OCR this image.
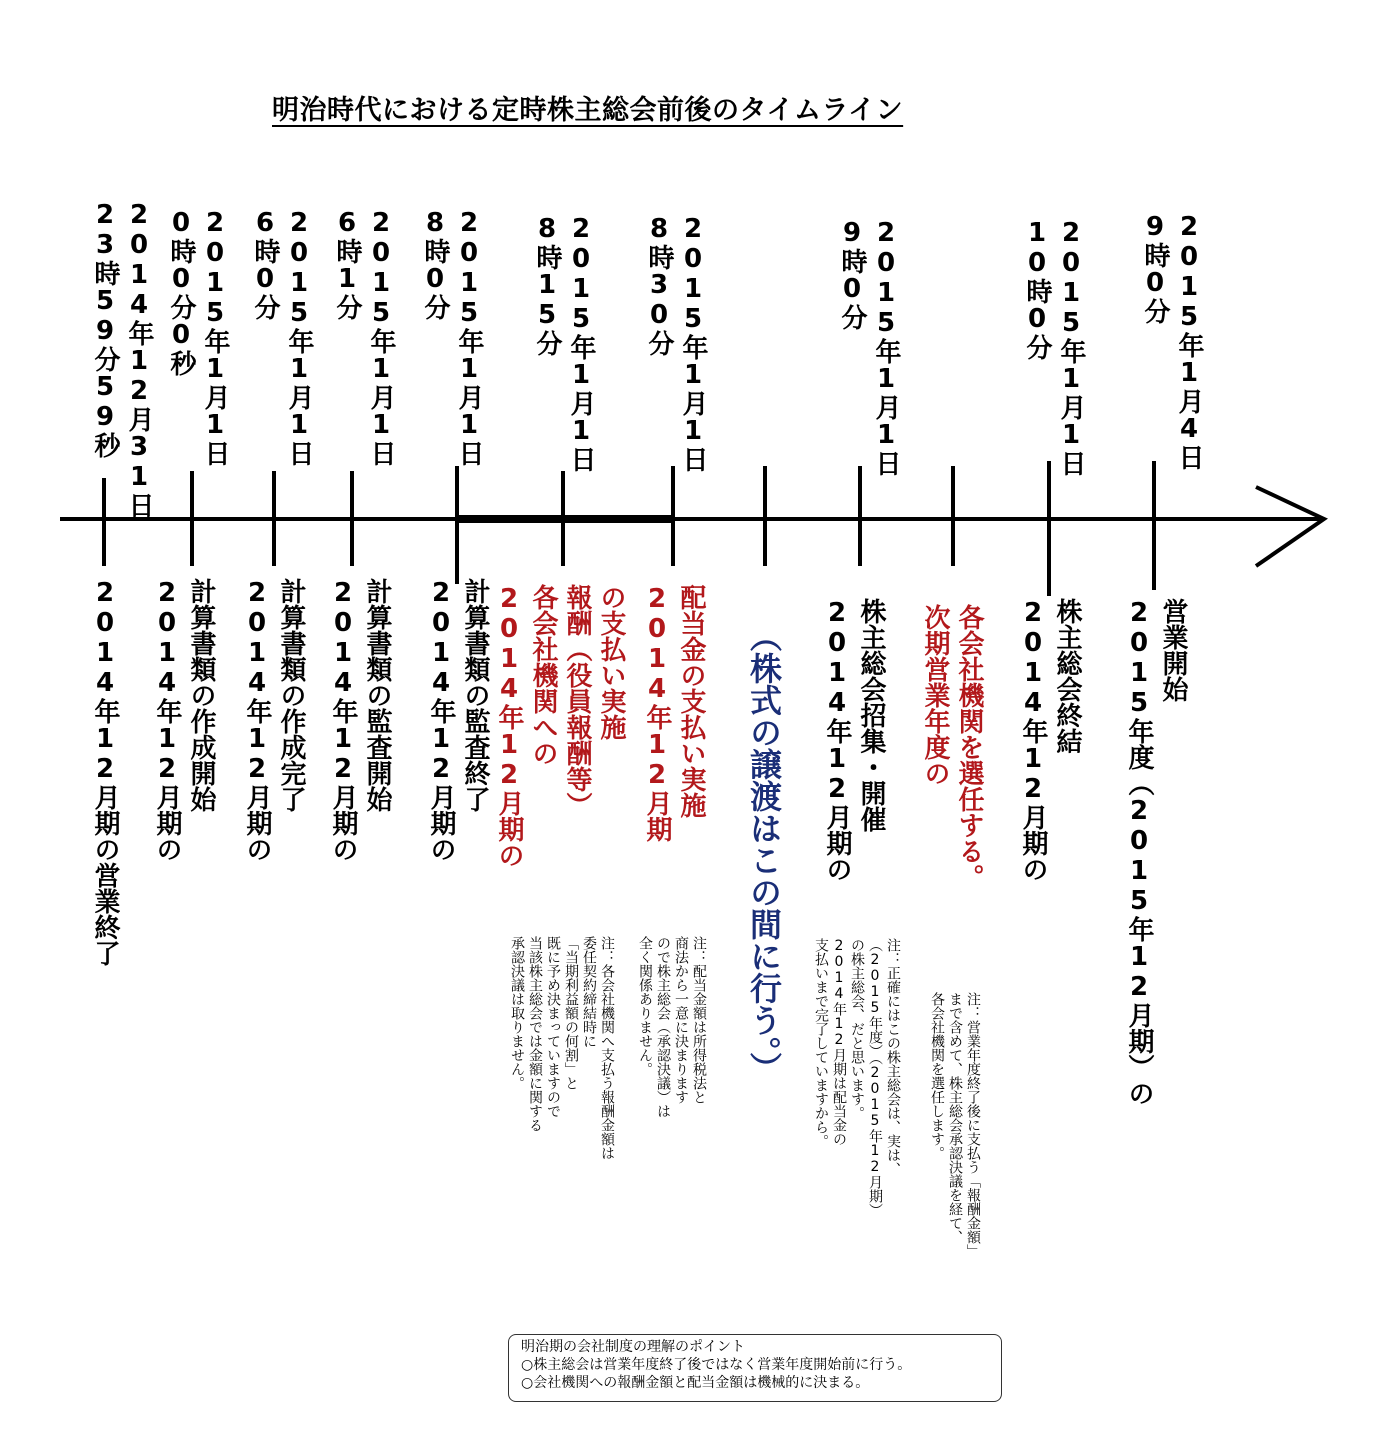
明治時代における定時株主総会前後のタイムライン
2014年12月31日
23時59分59秒	2015年1月1日
0時0分0秒	2015年1月1日
6時0分	2015年1月1日
6時1分	2015年1月1日
8時0分	2015年1月1日
8時15分	2015年1月1日
8時30分	2015年1月1日
9時0分	2015年1月1日
10時0分	2015年1月4日
9時0分
2014年12月期の営業終了	計算書類の作成開始
2014年12月期の	計算書類の作成完了
2014年12月期の	計算書類の監査開始
2014年12月期の	計算書類の監査終了
2014年12月期の	の支払い実施
報酬（役員報酬等）
各会社機関への
2014年12月期の	配当金の支払い実施
2014年12月期	（株式の譲渡はこの間に行う。）	株主総会招集・開催
2014年12月期の	各会社機関を選任する。
次期営業年度の	株主総会終結
2014年12月期の	営業開始
2015年度（2015年12月期）の
注：各会社機関へ支払う報酬金額は
委任契約締結時に
「当期利益額の何割」と
既に予め決まっていますので
当該株主総会では金額に関する
承認決議は取りません。	注：配当金額は所得税法と
商法から一意に決まります
ので株主総会（承認決議）は
全く関係ありません。	注：正確にはこの株主総会は、実は、
（2015年度）（2015年12月期）
の株主総会、だと思います。
2014年12月期は配当金の
支払いまで完了していますから。	注：営業年度終了後に支払う「報酬金額」
まで含めて、株主総会承認決議を経て、
各会社機関を選任します。
明治期の会社制度の理解のポイント
○株主総会は営業年度終了後ではなく営業年度開始前に行う。
○会社機関への報酬金額と配当金額は機械的に決まる。
